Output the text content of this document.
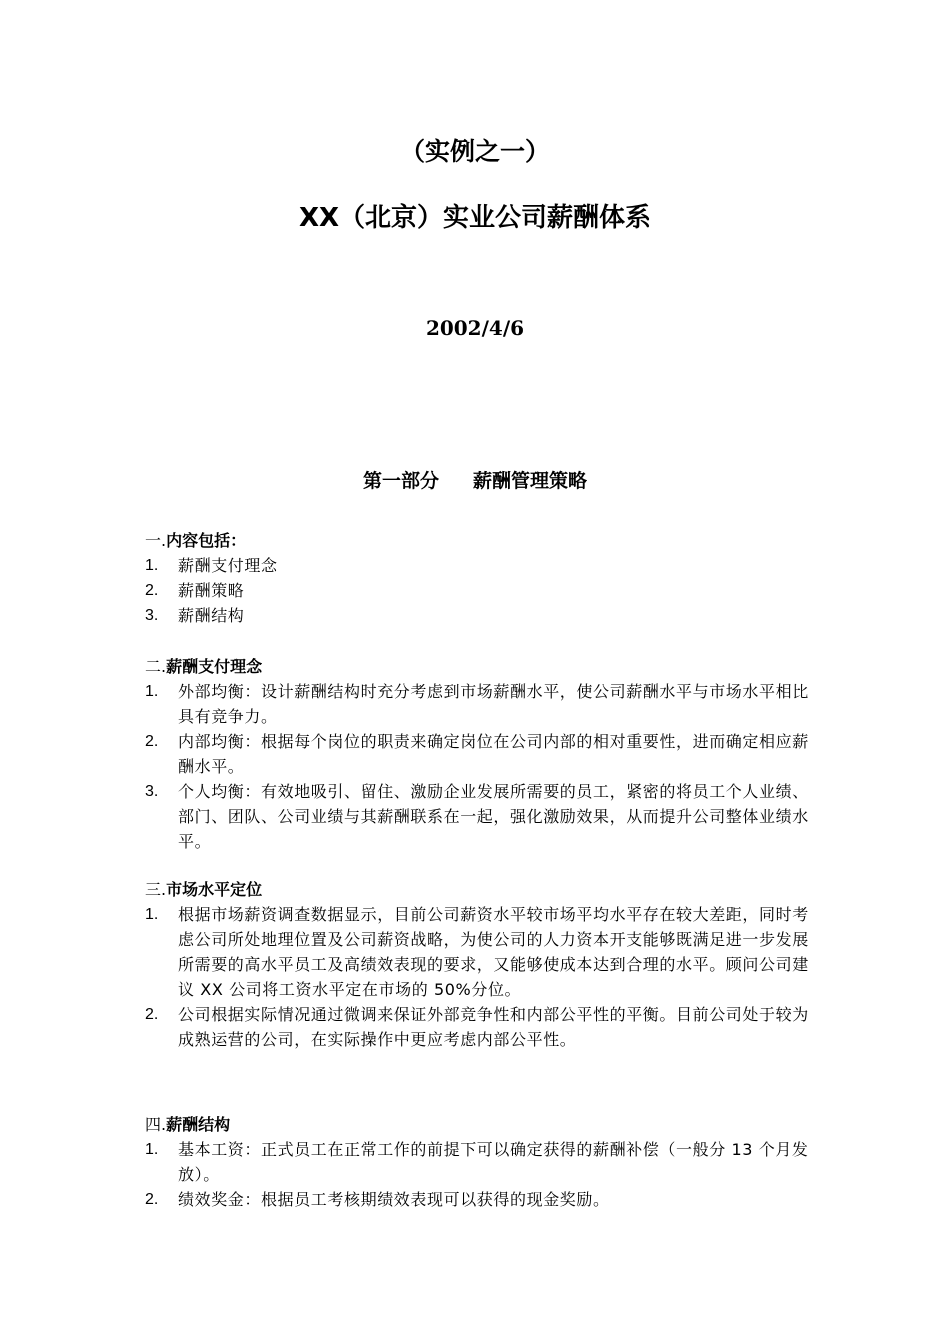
（实例之一）
XX（北京）实业公司薪酬体系
2002/4/6
第一部分 薪酬管理策略

一.内容包括：

1.	薪酬支付理念
2.	薪酬策略
3.	薪酬结构

二.薪酬支付理念

1.	外部均衡：设计薪酬结构时充分考虑到市场薪酬水平，使公司薪酬水平与市场水平相比具有竞争力。
2.	内部均衡：根据每个岗位的职责来确定岗位在公司内部的相对重要性，进而确定相应薪酬水平。
3.	个人均衡：有效地吸引、留住、激励企业发展所需要的员工，紧密的将员工个人业绩、部门、团队、公司业绩与其薪酬联系在一起，强化激励效果，从而提升公司整体业绩水平。

三.市场水平定位

1.	根据市场薪资调查数据显示，目前公司薪资水平较市场平均水平存在较大差距，同时考虑公司所处地理位置及公司薪资战略，为使公司的人力资本开支能够既满足进一步发展所需要的高水平员工及高绩效表现的要求，又能够使成本达到合理的水平。顾问公司建议 XX 公司将工资水平定在市场的 50%分位。
2.	公司根据实际情况通过微调来保证外部竞争性和内部公平性的平衡。目前公司处于较为成熟运营的公司，在实际操作中更应考虑内部公平性。

四.薪酬结构

1.	基本工资：正式员工在正常工作的前提下可以确定获得的薪酬补偿（一般分 13 个月发放）。
2.	绩效奖金：根据员工考核期绩效表现可以获得的现金奖励。
